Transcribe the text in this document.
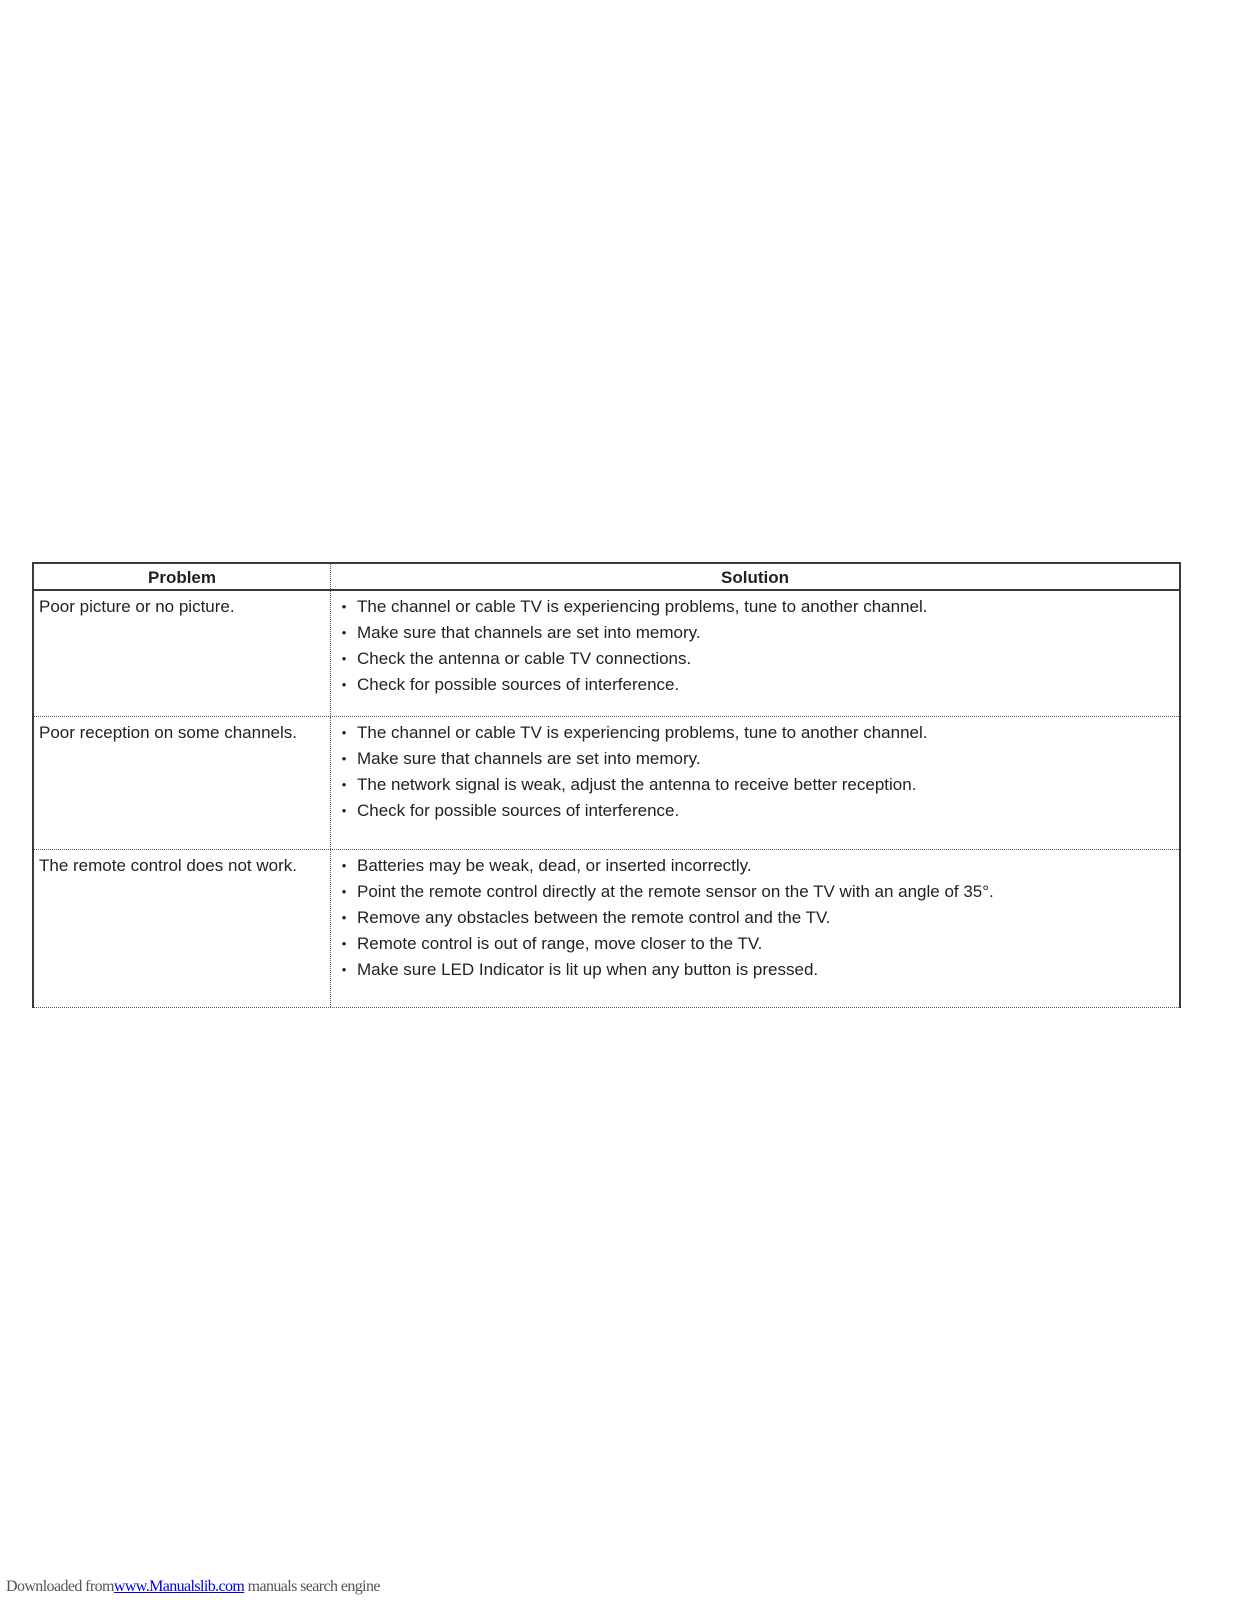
Problem	Solution
Poor picture or no picture.	• The channel or cable TV is experiencing problems, tune to another channel.
• Make sure that channels are set into memory.
• Check the antenna or cable TV connections.
• Check for possible sources of interference.
Poor reception on some channels.	• The channel or cable TV is experiencing problems, tune to another channel.
• Make sure that channels are set into memory.
• The network signal is weak, adjust the antenna to receive better reception.
• Check for possible sources of interference.
The remote control does not work.	• Batteries may be weak, dead, or inserted incorrectly.
• Point the remote control directly at the remote sensor on the TV with an angle of 35°.
• Remove any obstacles between the remote control and the TV.
• Remote control is out of range, move closer to the TV.
• Make sure LED Indicator is lit up when any button is pressed.
Downloaded fromwww.Manualslib.com manuals search engine
